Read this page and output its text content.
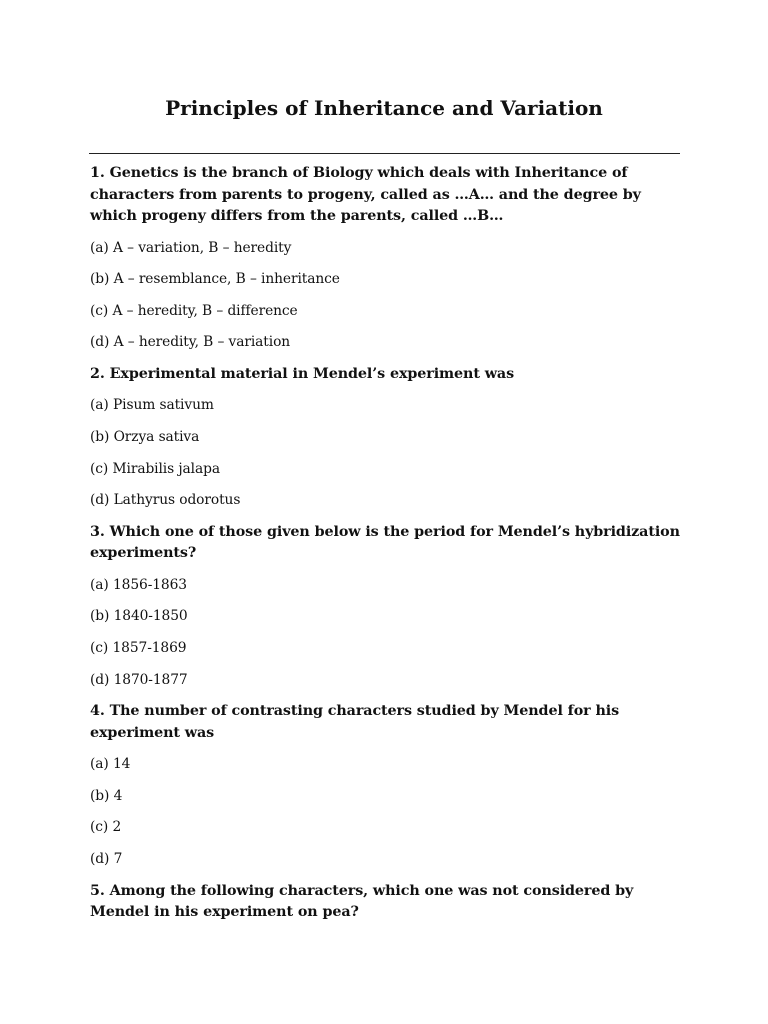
Principles of Inheritance and Variation

1. Genetics is the branch of Biology which deals with Inheritance of characters from parents to progeny, called as …A… and the degree by which progeny differs from the parents, called …B…

(a) A – variation, B – heredity

(b) A – resemblance, B – inheritance

(c) A – heredity, B – difference

(d) A – heredity, B – variation

2. Experimental material in Mendel’s experiment was

(a) Pisum sativum

(b) Orzya sativa

(c) Mirabilis jalapa

(d) Lathyrus odorotus

3. Which one of those given below is the period for Mendel’s hybridization experiments?

(a) 1856-1863

(b) 1840-1850

(c) 1857-1869

(d) 1870-1877

4. The number of contrasting characters studied by Mendel for his experiment was

(a) 14

(b) 4

(c) 2

(d) 7

5. Among the following characters, which one was not considered by Mendel in his experiment on pea?
